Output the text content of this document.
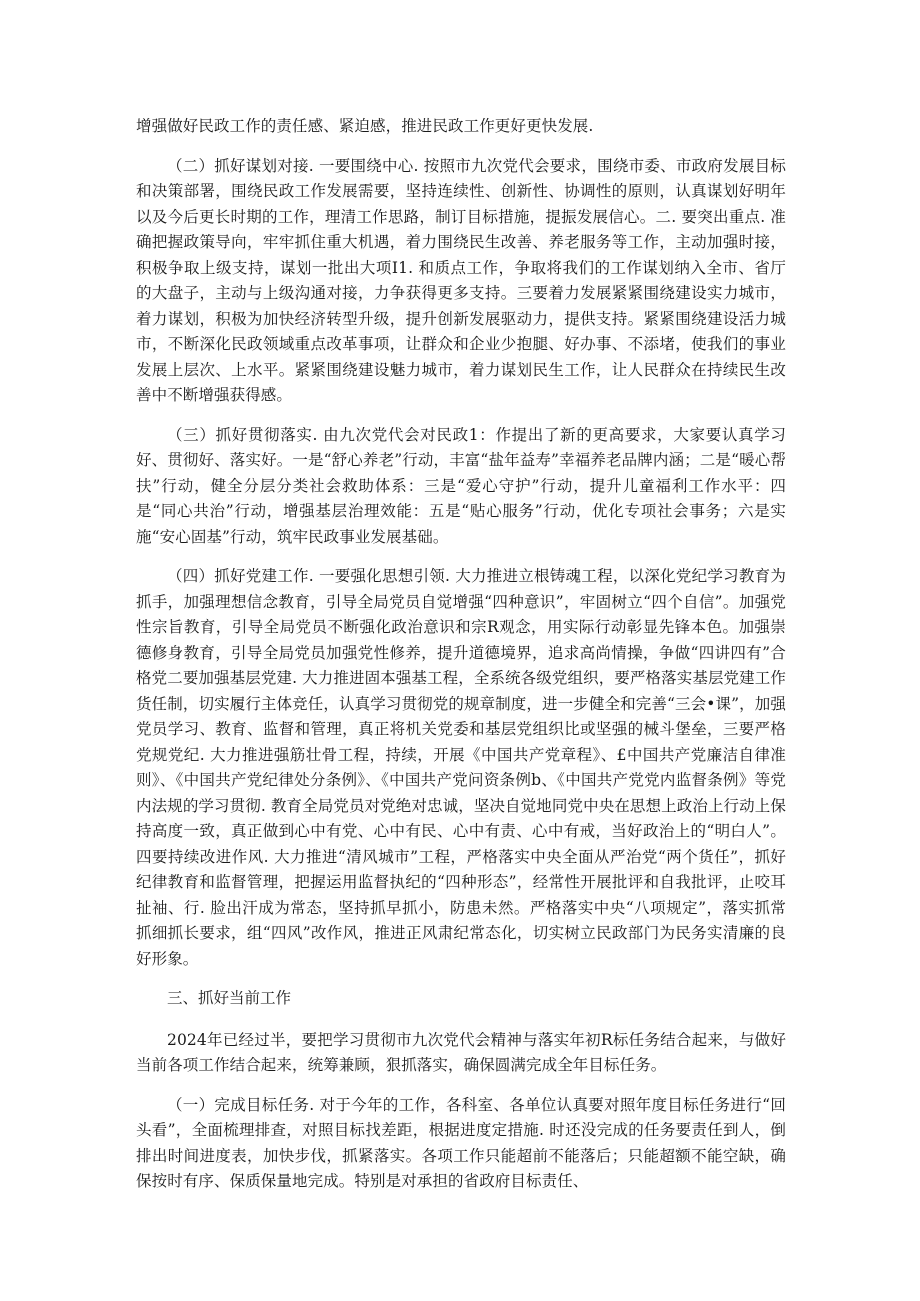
增强做好民政工作的责任感、紧迫感，推进民政工作更好更快发展.

（二）抓好谋划对接. 一要围绕中心. 按照市九次党代会要求，围绕市委、市政府发展目标和决策部署，围绕民政工作发展需要，坚持连续性、创新性、协调性的原则，认真谋划好明年以及今后更长时期的工作，理清工作思路，制订目标措施，提振发展信心。二. 要突出重点. 准确把握政策导向，牢牢抓住重大机遇，着力围绕民生改善、养老服务等工作，主动加强时接，积极争取上级支持，谋划一批出大项I1. 和质点工作，争取将我们的工作谋划纳入全市、省厅的大盘子，主动与上级沟通对接，力争获得更多支持。三要着力发展紧紧围绕建设实力城市，着力谋划，积极为加快经济转型升级，提升创新发展驱动力，提供支持。紧紧围绕建设活力城市，不断深化民政领域重点改革事项，让群众和企业少抱腿、好办事、不添堵，使我们的事业发展上层次、上水平。紧紧围绕建设魅力城市，着力谋划民生工作，让人民群众在持续民生改善中不断增强获得感。

（三）抓好贯彻落实. 由九次党代会对民政1：作提出了新的更高要求，大家要认真学习好、贯彻好、落实好。一是“舒心养老”行动，丰富“盐年益寿”幸福养老品牌内涵；二是“暖心帮扶”行动，健全分层分类社会救助体系：三是“爱心守护”行动，提升儿童福利工作水平：四是“同心共治”行动，增强基层治理效能：五是“贴心服务”行动，优化专项社会事务；六是实施“安心固基”行动，筑牢民政事业发展基础。

（四）抓好党建工作. 一要强化思想引领. 大力推进立根铸魂工程，以深化党纪学习教育为抓手，加强理想信念教育，引导全局党员自觉增强“四种意识”，牢固树立“四个自信”。加强党性宗旨教育，引导全局党员不断强化政治意识和宗R观念，用实际行动彰显先锋本色。加强崇德修身教育，引导全局党员加强党性修养，提升道德境界，追求高尚情操，争做“四讲四有”合格党二要加强基层党建. 大力推进固本强基工程，全系统各级党组织，要严格落实基层党建工作货任制，切实履行主体竞任，认真学习贯彻党的规章制度，进一步健全和完善“三会•课”，加强党员学习、教育、监督和管理，真正将机关党委和基层党组织比或坚强的械斗堡垒，三要严格党规党纪. 大力推进强筋壮骨工程，持续，开展《中国共产党章程》、£中国共产党廉洁自律准则》、《中国共产党纪律处分条例》、《中国共产党问资条例b、《中国共产党党内监督条例》等党内法规的学习贯彻. 教育全局党员对党绝对忠诚，坚决自觉地同党中央在思想上政治上行动上保持高度一致，真正做到心中有党、心中有民、心中有责、心中有戒，当好政治上的“明白人”。四要持续改进作风. 大力推进“清风城市”工程，严格落实中央全面从严治党“两个货任”，抓好纪律教育和监督管理，把握运用监督执纪的“四种形态”，经常性开展批评和自我批评，止咬耳扯袖、行. 脸出汗成为常态，坚持抓早抓小，防患未然。严格落实中央“八项规定”，落实抓常抓细抓长要求，组“四风”改作风，推进正风肃纪常态化，切实树立民政部门为民务实清廉的良好形象。

三、抓好当前工作

2024年已经过半，要把学习贯彻市九次党代会精神与落实年初R标任务结合起来，与做好当前各项工作结合起来，统筹兼顾，狠抓落实，确保圆满完成全年目标任务。

（一）完成目标任务. 对于今年的工作，各科室、各单位认真要对照年度目标任务进行“回头看”，全面梳理排查，对照目标找差距，根据进度定措施. 时还没完成的任务要责任到人，倒排出时间进度表，加快步伐，抓紧落实。各项工作只能超前不能落后；只能超额不能空缺，确保按时有序、保质保量地完成。特别是对承担的省政府目标责任、
